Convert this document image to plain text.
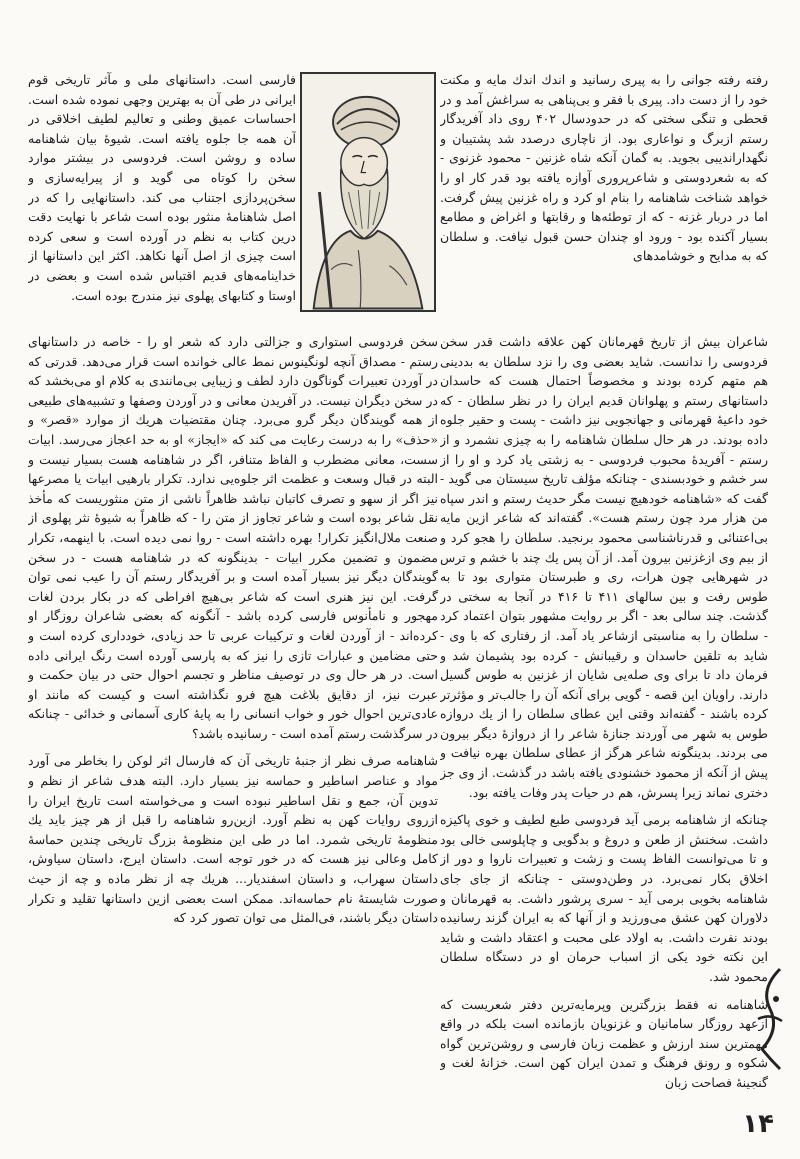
رفته رفته جوانی را به پیری رسانید و اندك اندك مایه و مکنت خود را از دست داد. پیری با فقر و بی‌پناهی به سراغش آمد و در قحطی و تنگی سختی که در حدودسال ۴۰۲ روی داد آفریدگار رستم ازبرگ و نواعاری بود. از ناچاری درصدد شد پشتیبان و نگهداراندیبی بجوید. به گمان آنکه شاه غزنین - محمود غزنوی - که به شعردوستی و شاعرپروری آوازه یافته بود قدر کار او را خواهد شناخت شاهنامه را بنام او کرد و راه غزنین پیش گرفت. اما در دربار غزنه - که از توطئه‌ها و رقابتها و اغراض و مطامع بسیار آکنده بود - ورود او چندان حسن قبول نیافت. و سلطان که به مدایح و خوشامدهای

فارسی است. داستانهای ملی و مآثر تاریخی قوم ایرانی در طی آن به بهترین وجهی نموده شده است. احساسات عمیق وطنی و تعالیم لطیف اخلاقی در آن همه جا جلوه یافته است. شیوهٔ بیان شاهنامه ساده و روشن است. فردوسی در بیشتر موارد سخن را کوتاه می گوید و از پیرایه‌سازی و سخن‌پردازی اجتناب می کند. داستانهایی را که در اصل شاهنامهٔ منثور بوده است شاعر با نهایت دقت درین کتاب به نظم در آورده است و سعی کرده است چیزی از اصل آنها نکاهد. اکثر این داستانها از خداینامه‌های قدیم اقتباس شده است و بعضی در اوستا و کتابهای پهلوی نیز مندرج بوده است.

شاعران بیش از تاریخ قهرمانان کهن علاقه داشت قدر سخن فردوسی را ندانست. شاید بعضی وی را نزد سلطان به بددینی هم متهم کرده بودند و مخصوصاً احتمال هست که حاسدان داستانهای رستم و پهلوانان قدیم ایران را در نظر سلطان - که خود داعیهٔ قهرمانی و جهانجویی نیز داشت - پست و حقیر جلوه داده بودند. در هر حال سلطان شاهنامه را به چیزی نشمرد و از رستم - آفریدهٔ محبوب فردوسی - به زشتی یاد کرد و او را از سر خشم و خودبسندی - چنانکه مؤلف تاریخ سیستان می گوید - گفت که «شاهنامه خودهیچ نیست مگر حدیث رستم و اندر سپاه من هزار مرد چون رستم هست». گفته‌اند که شاعر ازین مایه بی‌اعتنائی و قدرناشناسی محمود برنجید. سلطان را هجو کرد و از بیم وی ازغزنین بیرون آمد. از آن پس یك چند با خشم و ترس در شهرهایی چون هرات، ری و طبرستان متواری بود تا به طوس رفت و بین سالهای ۴۱۱ تا ۴۱۶ در آنجا به سختی در گذشت. چند سالی بعد - اگر بر روایت مشهور بتوان اعتماد کرد - سلطان را به مناسبتی ازشاعر یاد آمد. از رفتاری که با وی - شاید به تلقین حاسدان و رقیبانش - کرده بود پشیمان شد و فرمان داد تا برای وی صله‌یی شایان از غزنین به طوس گسیل دارند. راویان این قصه - گویی برای آنکه آن را جالب‌تر و مؤثرتر کرده باشند - گفته‌اند وقتی این عطای سلطان را از یك دروازه طوس به شهر می آوردند جنازهٔ شاعر را از دروازهٔ دیگر بیرون می بردند. بدینگونه شاعر هرگز از عطای سلطان بهره نیافت و پیش از آنکه از محمود خشنودی یافته باشد در گذشت. از وی جز دختری نماند زیرا پسرش، هم در حیات پدر وفات یافته بود.

چنانکه از شاهنامه برمی آید فردوسی طبع لطیف و خوی پاکیزه داشت. سخنش از طعن و دروغ و بدگویی و چاپلوسی خالی بود و تا می‌توانست الفاظ پست و زشت و تعبیرات ناروا و دور از اخلاق بکار نمی‌برد. در وطن‌دوستی - چنانکه از جای جای شاهنامه بخوبی برمی آید - سری پرشور داشت. به قهرمانان و دلاوران کهن عشق می‌ورزید و از آنها که به ایران گزند رسانیده بودند نفرت داشت. به اولاد علی محبت و اعتقاد داشت و شاید این نکته خود یکی از اسباب حرمان او در دستگاه سلطان محمود شد.

شاهنامه نه فقط بزرگترین وپرمایه‌ترین دفتر شعریست که ازعهد روزگار سامانیان و غزنویان بازمانده است بلکه در واقع مهمترین سند ارزش و عظمت زبان فارسی و روشن‌ترین گواه شکوه و رونق فرهنگ و تمدن ایران کهن است. خزانهٔ لغت و گنجینهٔ فصاحت زبان

سخن فردوسی استواری و جزالتی دارد که شعر او را - خاصه در داستانهای رستم - مصداق آنچه لونگینوس نمط عالی خوانده است قرار می‌دهد. قدرتی که در آوردن تعبیرات گوناگون دارد لطف و زیبایی بی‌مانندی به کلام او می‌بخشد که در سخن دیگران نیست. در آفریدن معانی و در آوردن وصفها و تشبیه‌های طبیعی از همه گویندگان دیگر گرو می‌برد. چنان مقتضیات هریك از موارد «قصر» و «حذف» را به درست رعایت می کند که «ایجاز» او به حد اعجاز می‌رسد. ابیات سست، معانی مضطرب و الفاظ متنافر، اگر در شاهنامه هست بسیار نیست و البته در قبال وسعت و عظمت اثر جلوه‌یی ندارد. تکرار بارهیی ابیات یا مصرعها نیز اگر از سهو و تصرف کاتبان نباشد ظاهراً ناشی از متن منثوریست که مأخذ نقل شاعر بوده است و شاعر تجاوز از متن را - که ظاهراً به شیوهٔ نثر پهلوی از صنعت ملال‌انگیز تکرار! بهره داشته است - روا نمی دیده است. با اینهمه، تکرار مضمون و تضمین مکرر ابیات - بدینگونه که در شاهنامه هست - در سخن گویندگان دیگر نیز بسیار آمده است و بر آفریدگار رستم آن را عیب نمی توان گرفت. این نیز هنری است که شاعر بی‌هیچ افراطی که در بکار بردن لغات مهجور و نامأنوس فارسی کرده باشد - آنگونه که بعضی شاعران روزگار او کرده‌اند - از آوردن لغات و ترکیبات عربی تا حد زیادی، خودداری کرده است و حتی مضامین و عبارات تازی را نیز که به پارسی آورده است رنگ ایرانی داده است. در هر حال وی در توصیف مناظر و تجسم احوال حتی در بیان حکمت و عبرت نیز، از دقایق بلاغت هیچ فرو نگذاشته است و کیست که مانند او عادی‌ترین احوال خور و خواب انسانی را به پایهٔ کاری آسمانی و خدائی - چنانکه در سرگذشت رستم آمده است - رسانیده باشد؟

شاهنامه صرف نظر از جنبهٔ تاریخی آن که فارسال اثر لوکن را بخاطر می آورد مواد و عناصر اساطیر و حماسه نیز بسیار دارد. البته هدف شاعر از نظم و تدوین آن، جمع و نقل اساطیر نبوده است و می‌خواسته است تاریخ ایران را ازروی روایات کهن به نظم آورد. ازین‌رو شاهنامه را قبل از هر چیز باید یك منظومهٔ تاریخی شمرد. اما در طی این منظومهٔ بزرگ تاریخی چندین حماسهٔ کامل وعالی نیز هست که در خور توجه است. داستان ایرج، داستان سیاوش، داستان سهراب، و داستان اسفندیار... هریك چه از نظر ماده و چه از حیث صورت شایستهٔ نام حماسه‌اند. ممکن است بعضی ازین داستانها تقلید و تکرار داستان دیگر باشند، فی‌المثل می توان تصور کرد که

۱۴
